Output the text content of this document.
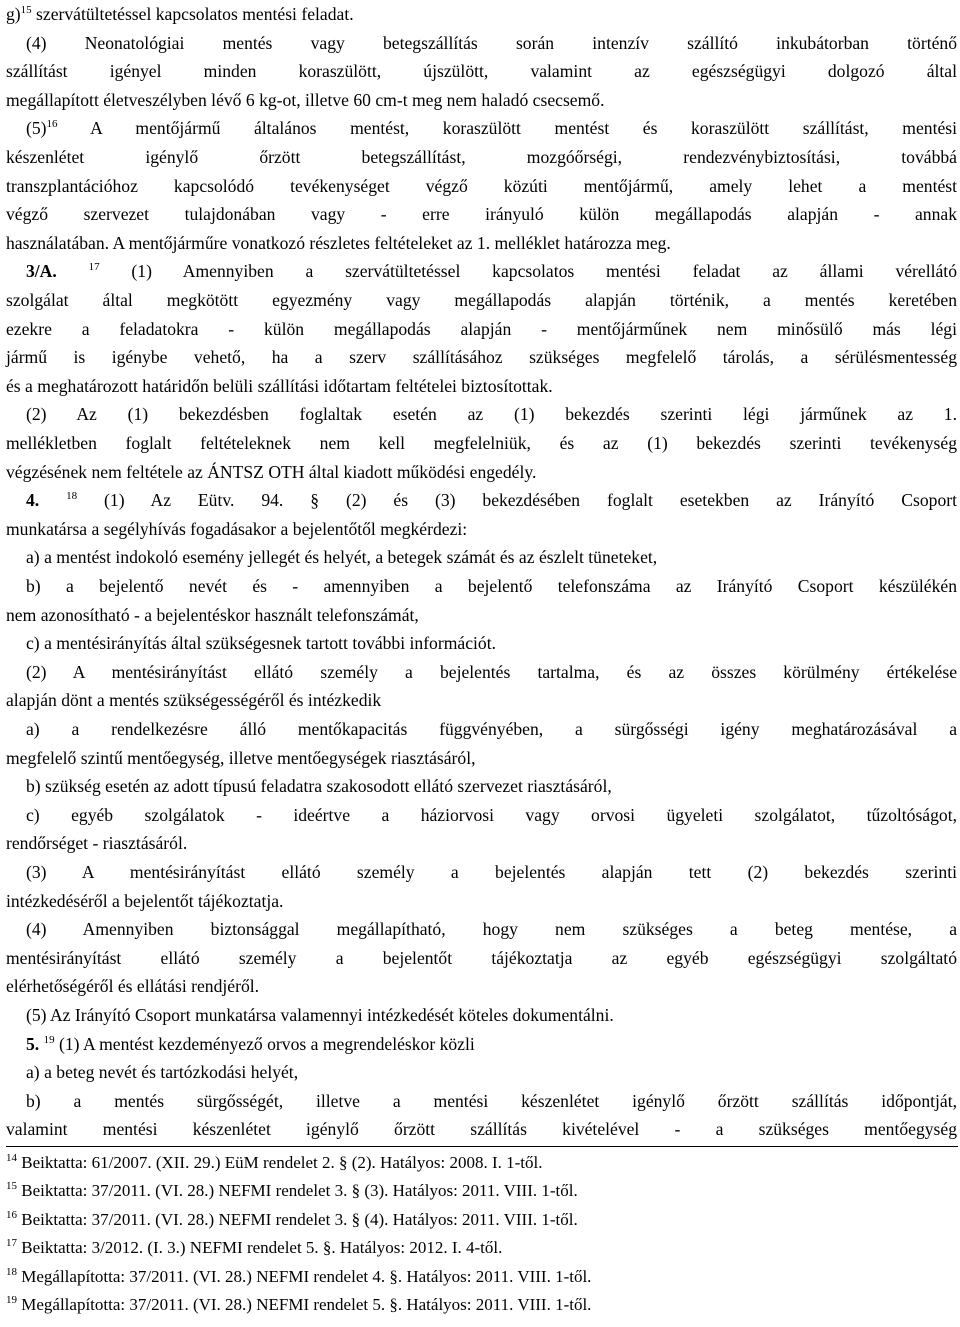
g)$^{15}$ szervátültetéssel kapcsolatos mentési feladat.
(4) Neonatológiai mentés vagy betegszállítás során intenzív szállító inkubátorban történő
szállítást igényel minden koraszülött, újszülött, valamint az egészségügyi dolgozó által
megállapított életveszélyben lévő 6 kg-ot, illetve 60 cm-t meg nem haladó csecsemő.
$(5)^{16}$ A mentőjármű általános mentést, koraszülött mentést és koraszülött szállítást, mentési
készenlétet igénylő őrzött betegszállítást, mozgóőrségi, rendezvénybiztosítási, továbbá
transzplantációhoz kapcsolódó tevékenységet végző közúti mentőjármű, amely lehet a mentést
végző szervezet tulajdonában vagy - erre irányuló külön megállapodás alapján - annak
használatában. A mentőjárműre vonatkozó részletes feltételeket az 1. melléklet határozza meg.
3/A.	$^{17}$ (1) Amennyiben a szervátültetéssel kapcsolatos mentési feladat az állami vérellátó
szolgálat által megkötött egyezmény vagy megállapodás alapján történik, a mentés keretében
ezekre a feladatokra - külön megállapodás alapján - mentőjárműnek nem minősülő más légi
jármű is igénybe vehető, ha a szerv szállításához szükséges megfelelő tárolás, a sérülésmentesség
és a meghatározott határidőn belüli szállítási időtartam feltételei biztosítottak.
(2) Az (1) bekezdésben foglaltak esetén az (1) bekezdés szerinti légi járműnek az 1.
mellékletben foglalt feltételeknek nem kell megfelelniük, és az (1) bekezdés szerinti tevékenység
végzésének nem feltétele az ÁNTSZ OTH által kiadott működési engedély.
4. $^{18}$ (1) Az Eütv. 94. § (2) és (3) bekezdésében foglalt esetekben az Irányító Csoport
munkatársa a segélyhívás fogadásakor a bejelentőtől megkérdezi:
a) a mentést indokoló esemény jellegét és helyét, a betegek számát és az észlelt tüneteket,
b) a bejelentő nevét és - amennyiben a bejelentő telefonszáma az Irányító Csoport készülékén
nem azonosítható - a bejelentéskor használt telefonszámát,
c) a mentésirányítás által szükségesnek tartott további információt.
(2) A mentésirányítást ellátó személy a bejelentés tartalma, és az összes körülmény értékelése
alapján dönt a mentés szükségességéről és intézkedik
a) a rendelkezésre álló mentőkapacitás függvényében, a sürgősségi igény meghatározásával a
megfelelő szintű mentőegység, illetve mentőegységek riasztásáról,
b) szükség esetén az adott típusú feladatra szakosodott ellátó szervezet riasztásáról,
c) egyéb szolgálatok - ideértve a háziorvosi vagy orvosi ügyeleti szolgálatot, tűzoltóságot,
rendőrséget - riasztásáról.
(3) A mentésirányítást ellátó személy a bejelentés alapján tett (2) bekezdés szerinti
intézkedéséről a bejelentőt tájékoztatja.
(4) Amennyiben biztonsággal megállapítható, hogy nem szükséges a beteg mentése, a
mentésirányítást ellátó személy a bejelentőt tájékoztatja az egyéb egészségügyi szolgáltató
elérhetőségéről és ellátási rendjéről.
(5) Az Irányító Csoport munkatársa valamennyi intézkedését köteles dokumentálni.
5. $^{19}$ (1) A mentést kezdeményező orvos a megrendeléskor közli
a) a beteg nevét és tartózkodási helyét,
b) a mentés sürgősségét, illetve a mentési készenlétet igénylő őrzött szállítás időpontját,
valamint mentési készenlétet igénylő őrzött szállítás kivételével - a szükséges mentőegység
$^{14}$ Beiktatta: 61/2007. (XII. 29.) EüM rendelet 2. § (2). Hatályos: 2008. I. 1-től.
$^{15}$ Beiktatta: 37/2011. (VI. 28.) NEFMI rendelet 3. § (3). Hatályos: 2011. VIII. 1-től.
$^{16}$ Beiktatta: 37/2011. (VI. 28.) NEFMI rendelet 3. § (4). Hatályos: 2011. VIII. 1-től.
$^{17}$ Beiktatta: 3/2012. (I. 3.) NEFMI rendelet 5. §. Hatályos: 2012. I. 4-től.
$^{18}$ Megállapította: 37/2011. (VI. 28.) NEFMI rendelet 4. §. Hatályos: 2011. VIII. 1-től.
$^{19}$ Megállapította: 37/2011. (VI. 28.) NEFMI rendelet 5. §. Hatályos: 2011. VIII. 1-től.
